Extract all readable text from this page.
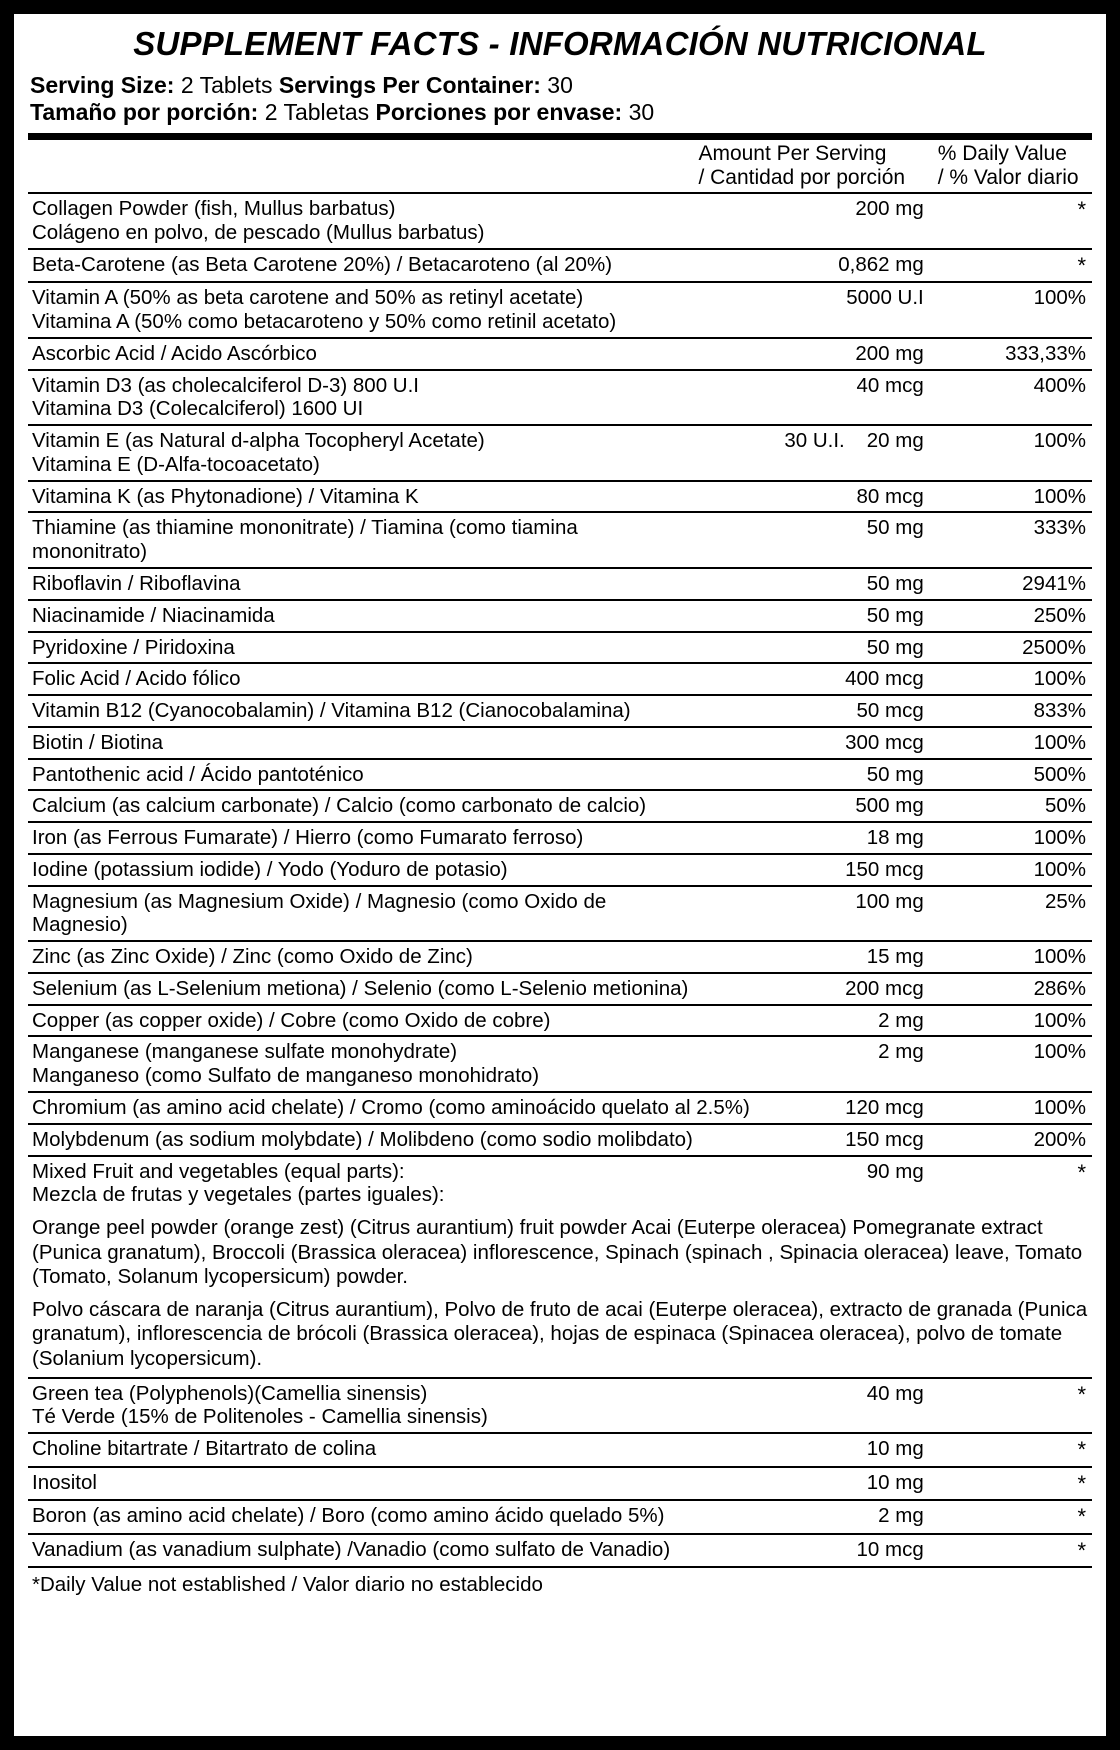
SUPPLEMENT FACTS - INFORMACIÓN NUTRICIONAL
Serving Size: 2 Tablets Servings Per Container: 30
Tamaño por porción: 2 Tabletas Porciones por envase: 30

	Amount Per Serving
/ Cantidad por porción	% Daily Value
/ % Valor diario

Collagen Powder (fish, Mullus barbatus)
Colágeno en polvo, de pescado (Mullus barbatus)	200 mg	*
Beta-Carotene (as Beta Carotene 20%) / Betacaroteno (al 20%)	0,862 mg	*

Vitamin A (50% as beta carotene and 50% as retinyl acetate)
Vitamina A (50% como betacaroteno y 50% como retinil acetato)	5000 U.I	100%
Ascorbic Acid / Acido Ascórbico	200 mg	333,33%

Vitamin D3 (as cholecalciferol D-3) 800 U.I
Vitamina D3 (Colecalciferol) 1600 UI	40 mcg	400%

Vitamin E (as Natural d-alpha Tocopheryl Acetate)
Vitamina E (D-Alfa-tocoacetato)	30 U.I. 20 mg	100%
Vitamina K (as Phytonadione) / Vitamina K	80 mcg	100%
Thiamine (as thiamine mononitrate) / Tiamina (como tiamina mononitrato)	50 mg	333%
Riboflavin / Riboflavina	50 mg	2941%
Niacinamide / Niacinamida	50 mg	250%
Pyridoxine / Piridoxina	50 mg	2500%
Folic Acid / Acido fólico	400 mcg	100%
Vitamin B12 (Cyanocobalamin) / Vitamina B12 (Cianocobalamina)	50 mcg	833%
Biotin / Biotina	300 mcg	100%
Pantothenic acid / Ácido pantoténico	50 mg	500%
Calcium (as calcium carbonate) / Calcio (como carbonato de calcio)	500 mg	50%
Iron (as Ferrous Fumarate) / Hierro (como Fumarato ferroso)	18 mg	100%
Iodine (potassium iodide) / Yodo (Yoduro de potasio)	150 mcg	100%
Magnesium (as Magnesium Oxide) / Magnesio (como Oxido de Magnesio)	100 mg	25%
Zinc (as Zinc Oxide) / Zinc (como Oxido de Zinc)	15 mg	100%
Selenium (as L-Selenium metiona) / Selenio (como L-Selenio metionina)	200 mcg	286%
Copper (as copper oxide) / Cobre (como Oxido de cobre)	2 mg	100%

Manganese (manganese sulfate monohydrate)
Manganeso (como Sulfato de manganeso monohidrato)	2 mg	100%
Chromium (as amino acid chelate) / Cromo (como aminoácido quelato al 2.5%)	120 mcg	100%
Molybdenum (as sodium molybdate) / Molibdeno (como sodio molibdato)	150 mcg	200%

Mixed Fruit and vegetables (equal parts):
Mezcla de frutas y vegetales (partes iguales):	90 mg	*

Orange peel powder (orange zest) (Citrus aurantium) fruit powder Acai (Euterpe oleracea) Pomegranate extract (Punica granatum), Broccoli (Brassica oleracea) inflorescence, Spinach (spinach , Spinacia oleracea) leave, Tomato (Tomato, Solanum lycopersicum) powder.

Polvo cáscara de naranja (Citrus aurantium), Polvo de fruto de acai (Euterpe oleracea), extracto de granada (Punica granatum), inflorescencia de brócoli (Brassica oleracea), hojas de espinaca (Spinacea oleracea), polvo de tomate (Solanium lycopersicum).		

Green tea (Polyphenols)(Camellia sinensis)
Té Verde (15% de Politenoles - Camellia sinensis)	40 mg	*
Choline bitartrate / Bitartrato de colina	10 mg	*
Inositol	10 mg	*
Boron (as amino acid chelate) / Boro (como amino ácido quelado 5%)	2 mg	*
Vanadium (as vanadium sulphate) /Vanadio (como sulfato de Vanadio)	10 mcg	*
*Daily Value not established / Valor diario no establecido
